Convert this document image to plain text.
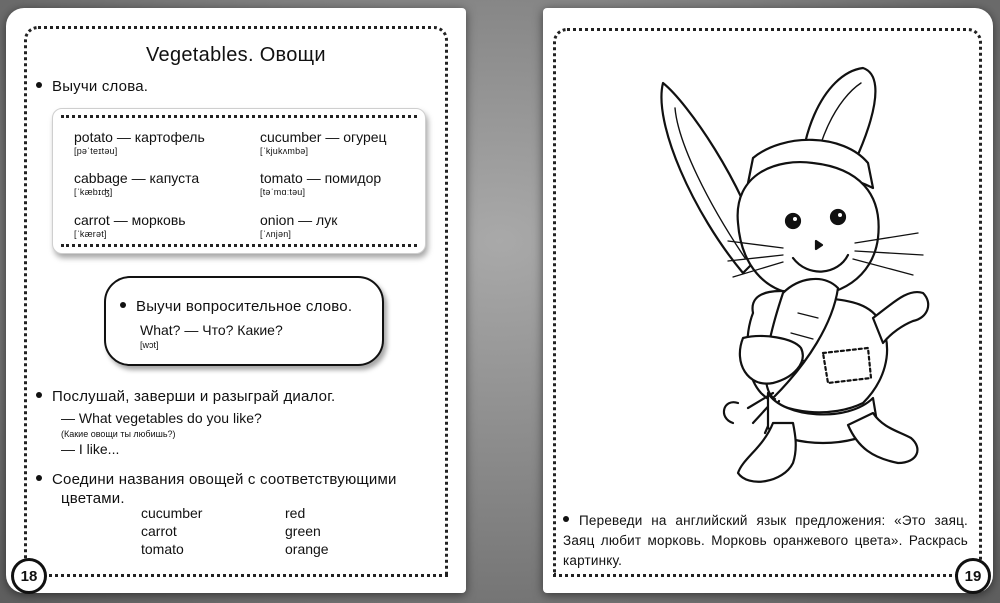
18
Vegetables. Овощи
Выучи слова.
potato — картофель
[pəˈteɪtəu]
cucumber — огурец
[ˈkjukʌmbə]
cabbage — капуста
[ˈkæbɪʤ]
tomato — помидор
[təˈmɑːtəu]
carrot — морковь
[ˈkærət]
onion — лук
[ˈʌnjən]
Выучи вопросительное слово.
What? — Что? Какие?
[wɔt]
Послушай, заверши и разыграй диалог.
— What vegetables do you like?
(Какие овощи ты любишь?)
— I like...
Соедини названия овощей с соответствующими
цветами.
cucumber
carrot
tomato
red
green
orange
19
Переведи на английский язык предложения: «Это заяц. Заяц любит морковь. Морковь оранжевого цвета». Раскрась картинку.
